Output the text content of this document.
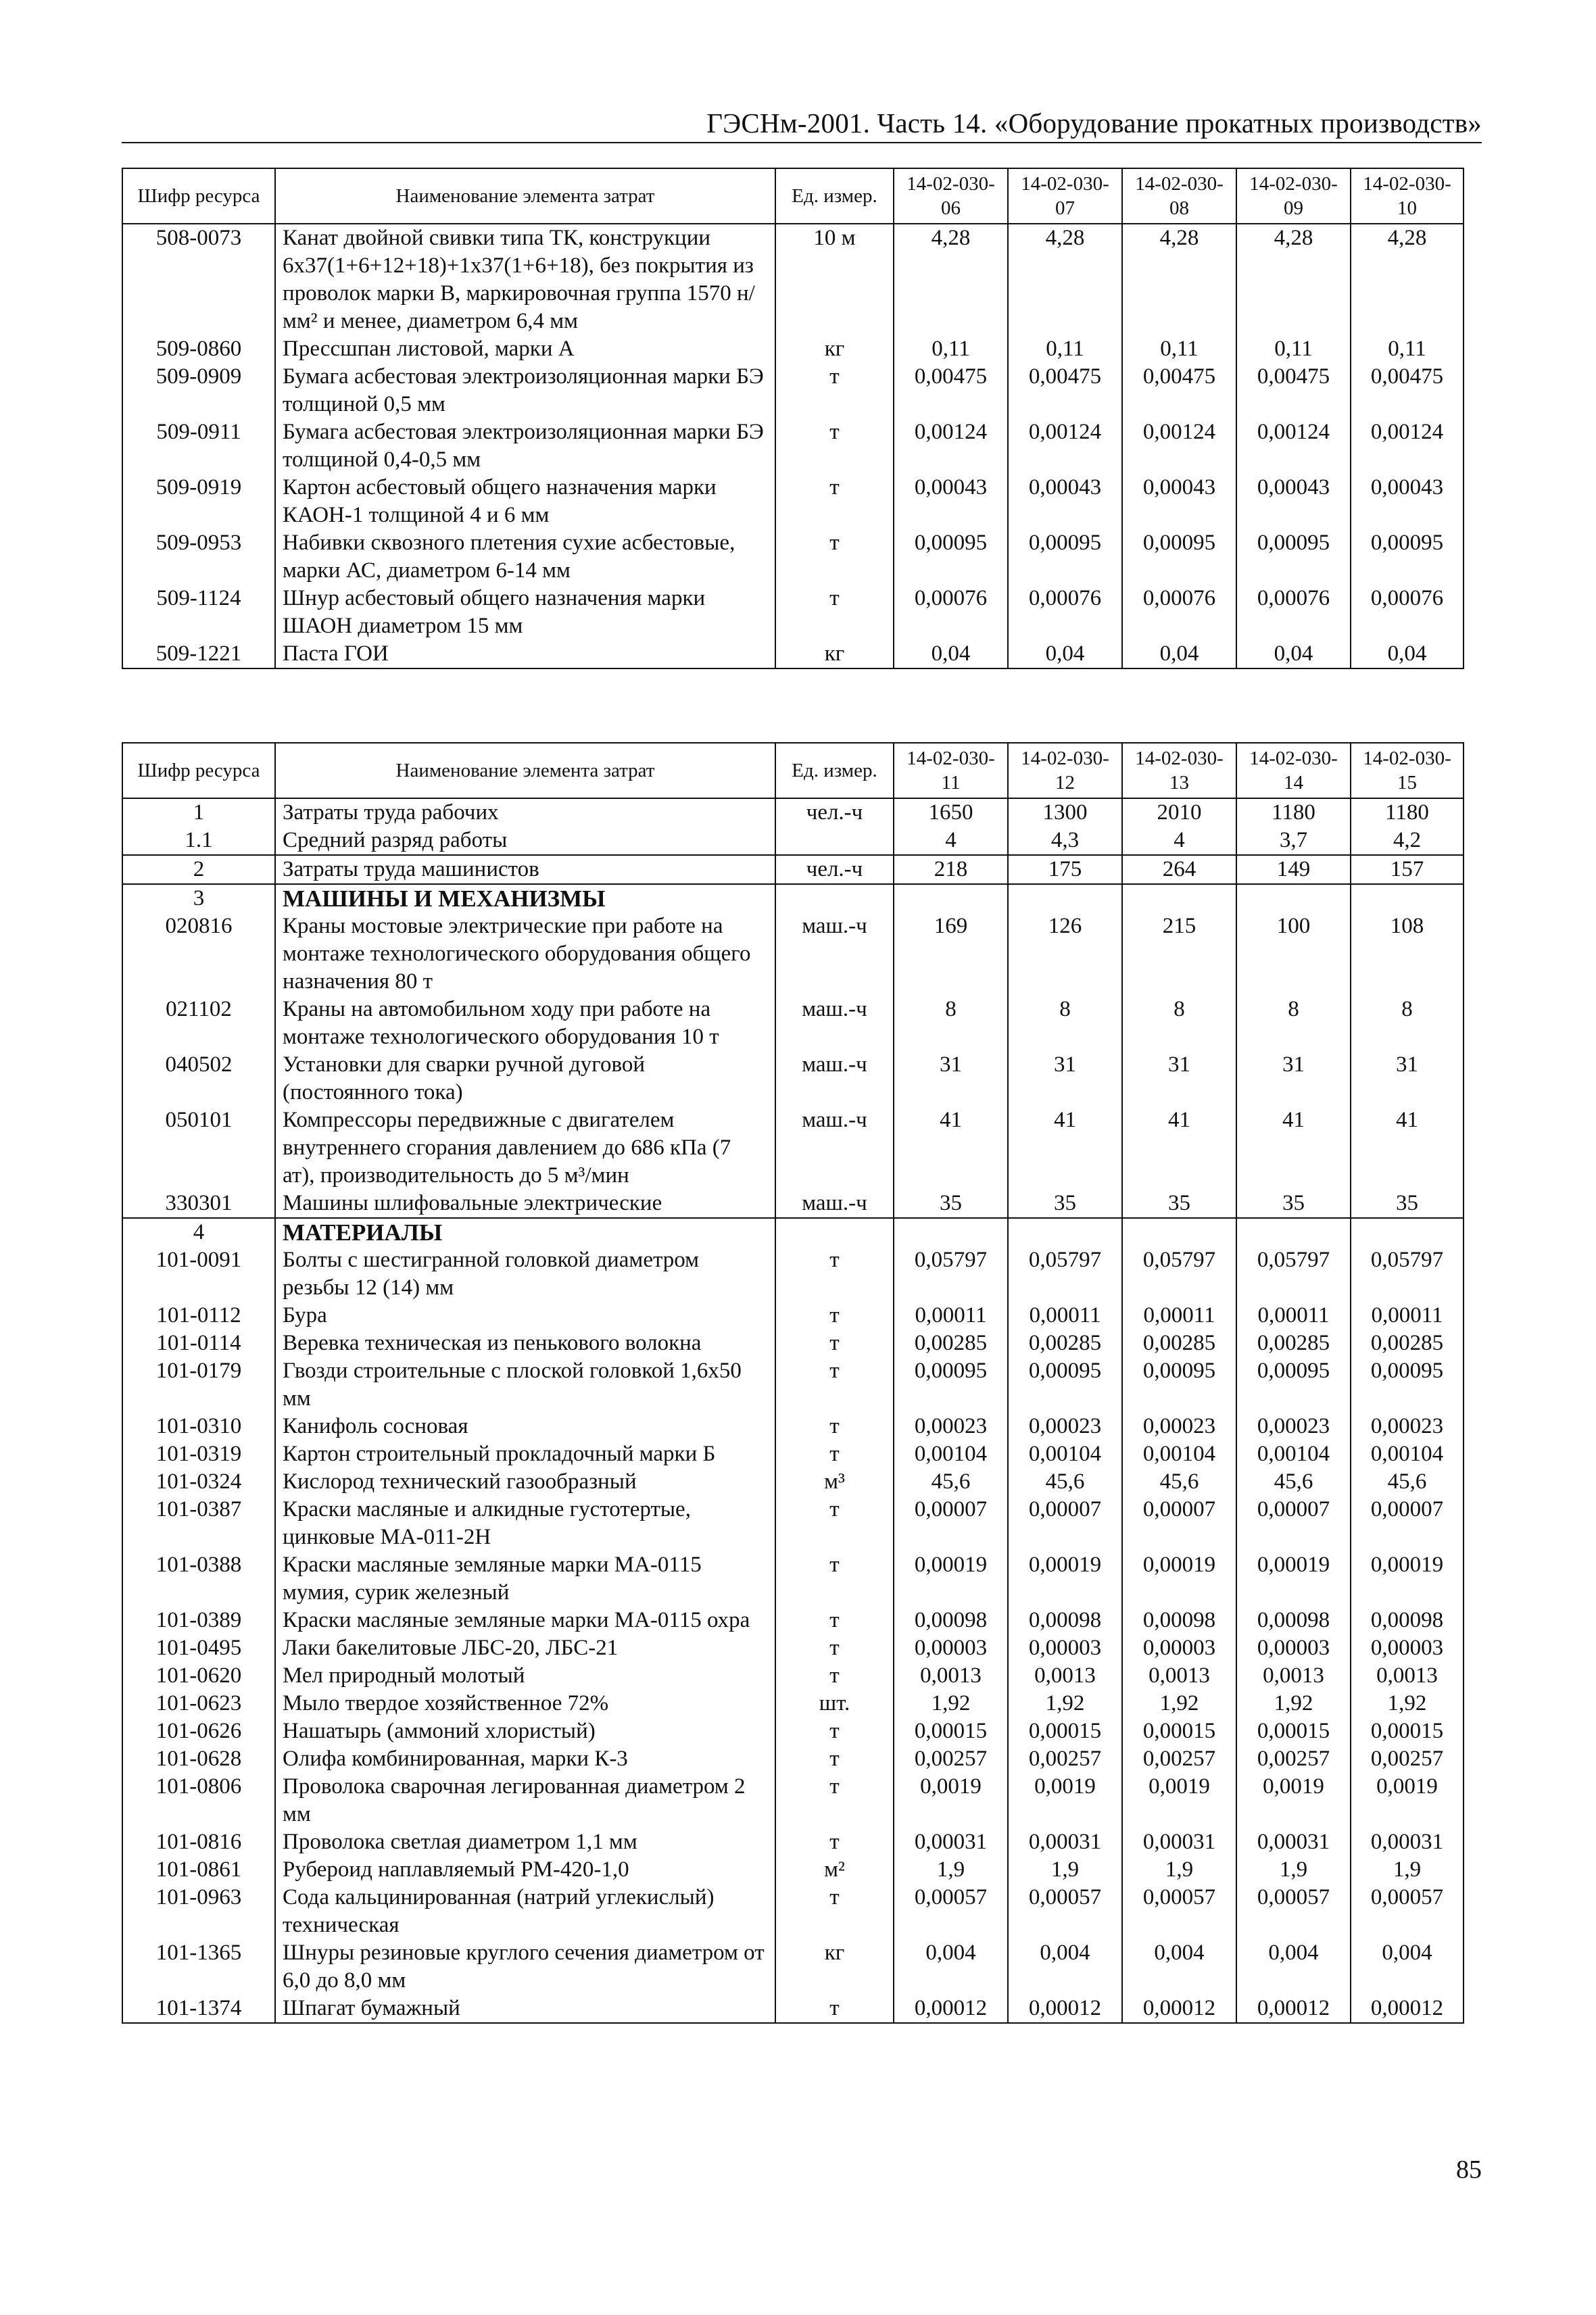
ГЭСНм-2001. Часть 14. «Оборудование прокатных производств»
Шифр ресурса	Наименование элемента затрат	Ед. измер.	14-02-030-06	14-02-030-07	14-02-030-08	14-02-030-09	14-02-030-10
508-0073	Канат двойной свивки типа ТК, конструкции 6x37(1+6+12+18)+1x37(1+6+18), без покрытия из проволок марки В, маркировочная группа 1570 н/мм² и менее, диаметром 6,4 мм	10 м	4,28	4,28	4,28	4,28	4,28
509-0860	Прессшпан листовой, марки А	кг	0,11	0,11	0,11	0,11	0,11
509-0909	Бумага асбестовая электроизоляционная марки БЭ толщиной 0,5 мм	т	0,00475	0,00475	0,00475	0,00475	0,00475
509-0911	Бумага асбестовая электроизоляционная марки БЭ толщиной 0,4-0,5 мм	т	0,00124	0,00124	0,00124	0,00124	0,00124
509-0919	Картон асбестовый общего назначения марки КАОН-1 толщиной 4 и 6 мм	т	0,00043	0,00043	0,00043	0,00043	0,00043
509-0953	Набивки сквозного плетения сухие асбестовые, марки АС, диаметром 6-14 мм	т	0,00095	0,00095	0,00095	0,00095	0,00095
509-1124	Шнур асбестовый общего назначения марки ШАОН диаметром 15 мм	т	0,00076	0,00076	0,00076	0,00076	0,00076
509-1221	Паста ГОИ	кг	0,04	0,04	0,04	0,04	0,04
Шифр ресурса	Наименование элемента затрат	Ед. измер.	14-02-030-11	14-02-030-12	14-02-030-13	14-02-030-14	14-02-030-15
1	Затраты труда рабочих	чел.-ч	1650	1300	2010	1180	1180
1.1	Средний разряд работы		4	4,3	4	3,7	4,2
2	Затраты труда машинистов	чел.-ч	218	175	264	149	157
3	МАШИНЫ И МЕХАНИЗМЫ						
020816	Краны мостовые электрические при работе на монтаже технологического оборудования общего назначения 80 т	маш.-ч	169	126	215	100	108
021102	Краны на автомобильном ходу при работе на монтаже технологического оборудования 10 т	маш.-ч	8	8	8	8	8
040502	Установки для сварки ручной дуговой (постоянного тока)	маш.-ч	31	31	31	31	31
050101	Компрессоры передвижные с двигателем внутреннего сгорания давлением до 686 кПа (7 ат), производительность до 5 м³/мин	маш.-ч	41	41	41	41	41
330301	Машины шлифовальные электрические	маш.-ч	35	35	35	35	35
4	МАТЕРИАЛЫ						
101-0091	Болты с шестигранной головкой диаметром резьбы 12 (14) мм	т	0,05797	0,05797	0,05797	0,05797	0,05797
101-0112	Бура	т	0,00011	0,00011	0,00011	0,00011	0,00011
101-0114	Веревка техническая из пенькового волокна	т	0,00285	0,00285	0,00285	0,00285	0,00285
101-0179	Гвозди строительные с плоской головкой 1,6x50 мм	т	0,00095	0,00095	0,00095	0,00095	0,00095
101-0310	Канифоль сосновая	т	0,00023	0,00023	0,00023	0,00023	0,00023
101-0319	Картон строительный прокладочный марки Б	т	0,00104	0,00104	0,00104	0,00104	0,00104
101-0324	Кислород технический газообразный	м³	45,6	45,6	45,6	45,6	45,6
101-0387	Краски масляные и алкидные густотертые, цинковые МА-011-2Н	т	0,00007	0,00007	0,00007	0,00007	0,00007
101-0388	Краски масляные земляные марки МА-0115 мумия, сурик железный	т	0,00019	0,00019	0,00019	0,00019	0,00019
101-0389	Краски масляные земляные марки МА-0115 охра	т	0,00098	0,00098	0,00098	0,00098	0,00098
101-0495	Лаки бакелитовые ЛБС-20, ЛБС-21	т	0,00003	0,00003	0,00003	0,00003	0,00003
101-0620	Мел природный молотый	т	0,0013	0,0013	0,0013	0,0013	0,0013
101-0623	Мыло твердое хозяйственное 72%	шт.	1,92	1,92	1,92	1,92	1,92
101-0626	Нашатырь (аммоний хлористый)	т	0,00015	0,00015	0,00015	0,00015	0,00015
101-0628	Олифа комбинированная, марки К-3	т	0,00257	0,00257	0,00257	0,00257	0,00257
101-0806	Проволока сварочная легированная диаметром 2 мм	т	0,0019	0,0019	0,0019	0,0019	0,0019
101-0816	Проволока светлая диаметром 1,1 мм	т	0,00031	0,00031	0,00031	0,00031	0,00031
101-0861	Рубероид наплавляемый РМ-420-1,0	м²	1,9	1,9	1,9	1,9	1,9
101-0963	Сода кальцинированная (натрий углекислый) техническая	т	0,00057	0,00057	0,00057	0,00057	0,00057
101-1365	Шнуры резиновые круглого сечения диаметром от 6,0 до 8,0 мм	кг	0,004	0,004	0,004	0,004	0,004
101-1374	Шпагат бумажный	т	0,00012	0,00012	0,00012	0,00012	0,00012
85
